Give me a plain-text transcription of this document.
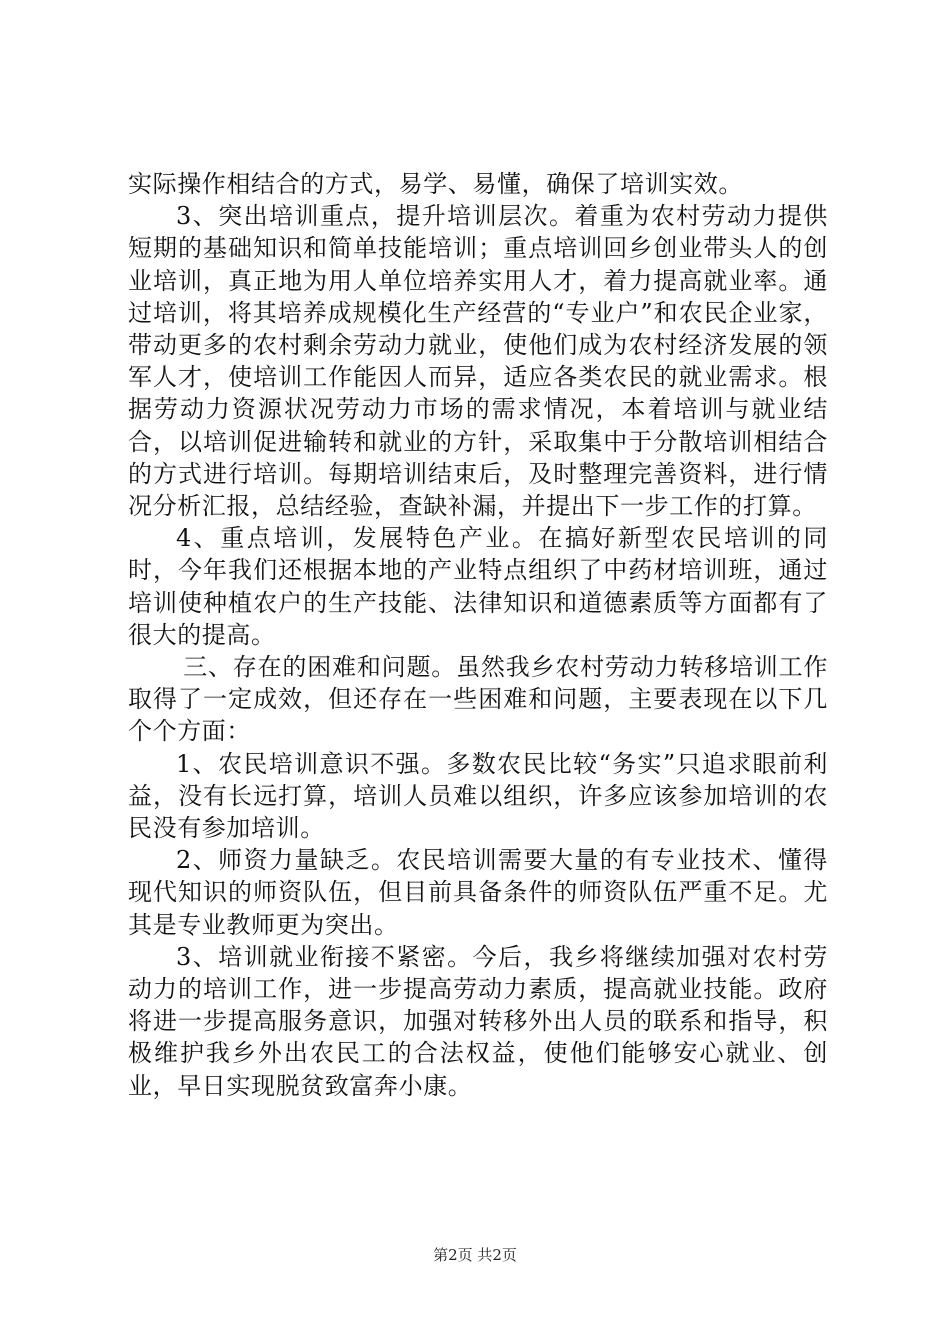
实际操作相结合的方式，易学、易懂，确保了培训实效。

3、突出培训重点，提升培训层次。着重为农村劳动力提供短期的基础知识和简单技能培训；重点培训回乡创业带头人的创业培训，真正地为用人单位培养实用人才，着力提高就业率。通过培训，将其培养成规模化生产经营的“专业户”和农民企业家，带动更多的农村剩余劳动力就业，使他们成为农村经济发展的领军人才，使培训工作能因人而异，适应各类农民的就业需求。根据劳动力资源状况劳动力市场的需求情况，本着培训与就业结合，以培训促进输转和就业的方针，采取集中于分散培训相结合的方式进行培训。每期培训结束后，及时整理完善资料，进行情况分析汇报，总结经验，查缺补漏，并提出下一步工作的打算。

4、重点培训，发展特色产业。在搞好新型农民培训的同时，今年我们还根据本地的产业特点组织了中药材培训班，通过培训使种植农户的生产技能、法律知识和道德素质等方面都有了很大的提高。

三、存在的困难和问题。虽然我乡农村劳动力转移培训工作取得了一定成效，但还存在一些困难和问题，主要表现在以下几个个方面：

1、农民培训意识不强。多数农民比较“务实”只追求眼前利益，没有长远打算，培训人员难以组织，许多应该参加培训的农民没有参加培训。

2、师资力量缺乏。农民培训需要大量的有专业技术、懂得现代知识的师资队伍，但目前具备条件的师资队伍严重不足。尤其是专业教师更为突出。

3、培训就业衔接不紧密。今后，我乡将继续加强对农村劳动力的培训工作，进一步提高劳动力素质，提高就业技能。政府将进一步提高服务意识，加强对转移外出人员的联系和指导，积极维护我乡外出农民工的合法权益，使他们能够安心就业、创业，早日实现脱贫致富奔小康。

第2页 共2页
